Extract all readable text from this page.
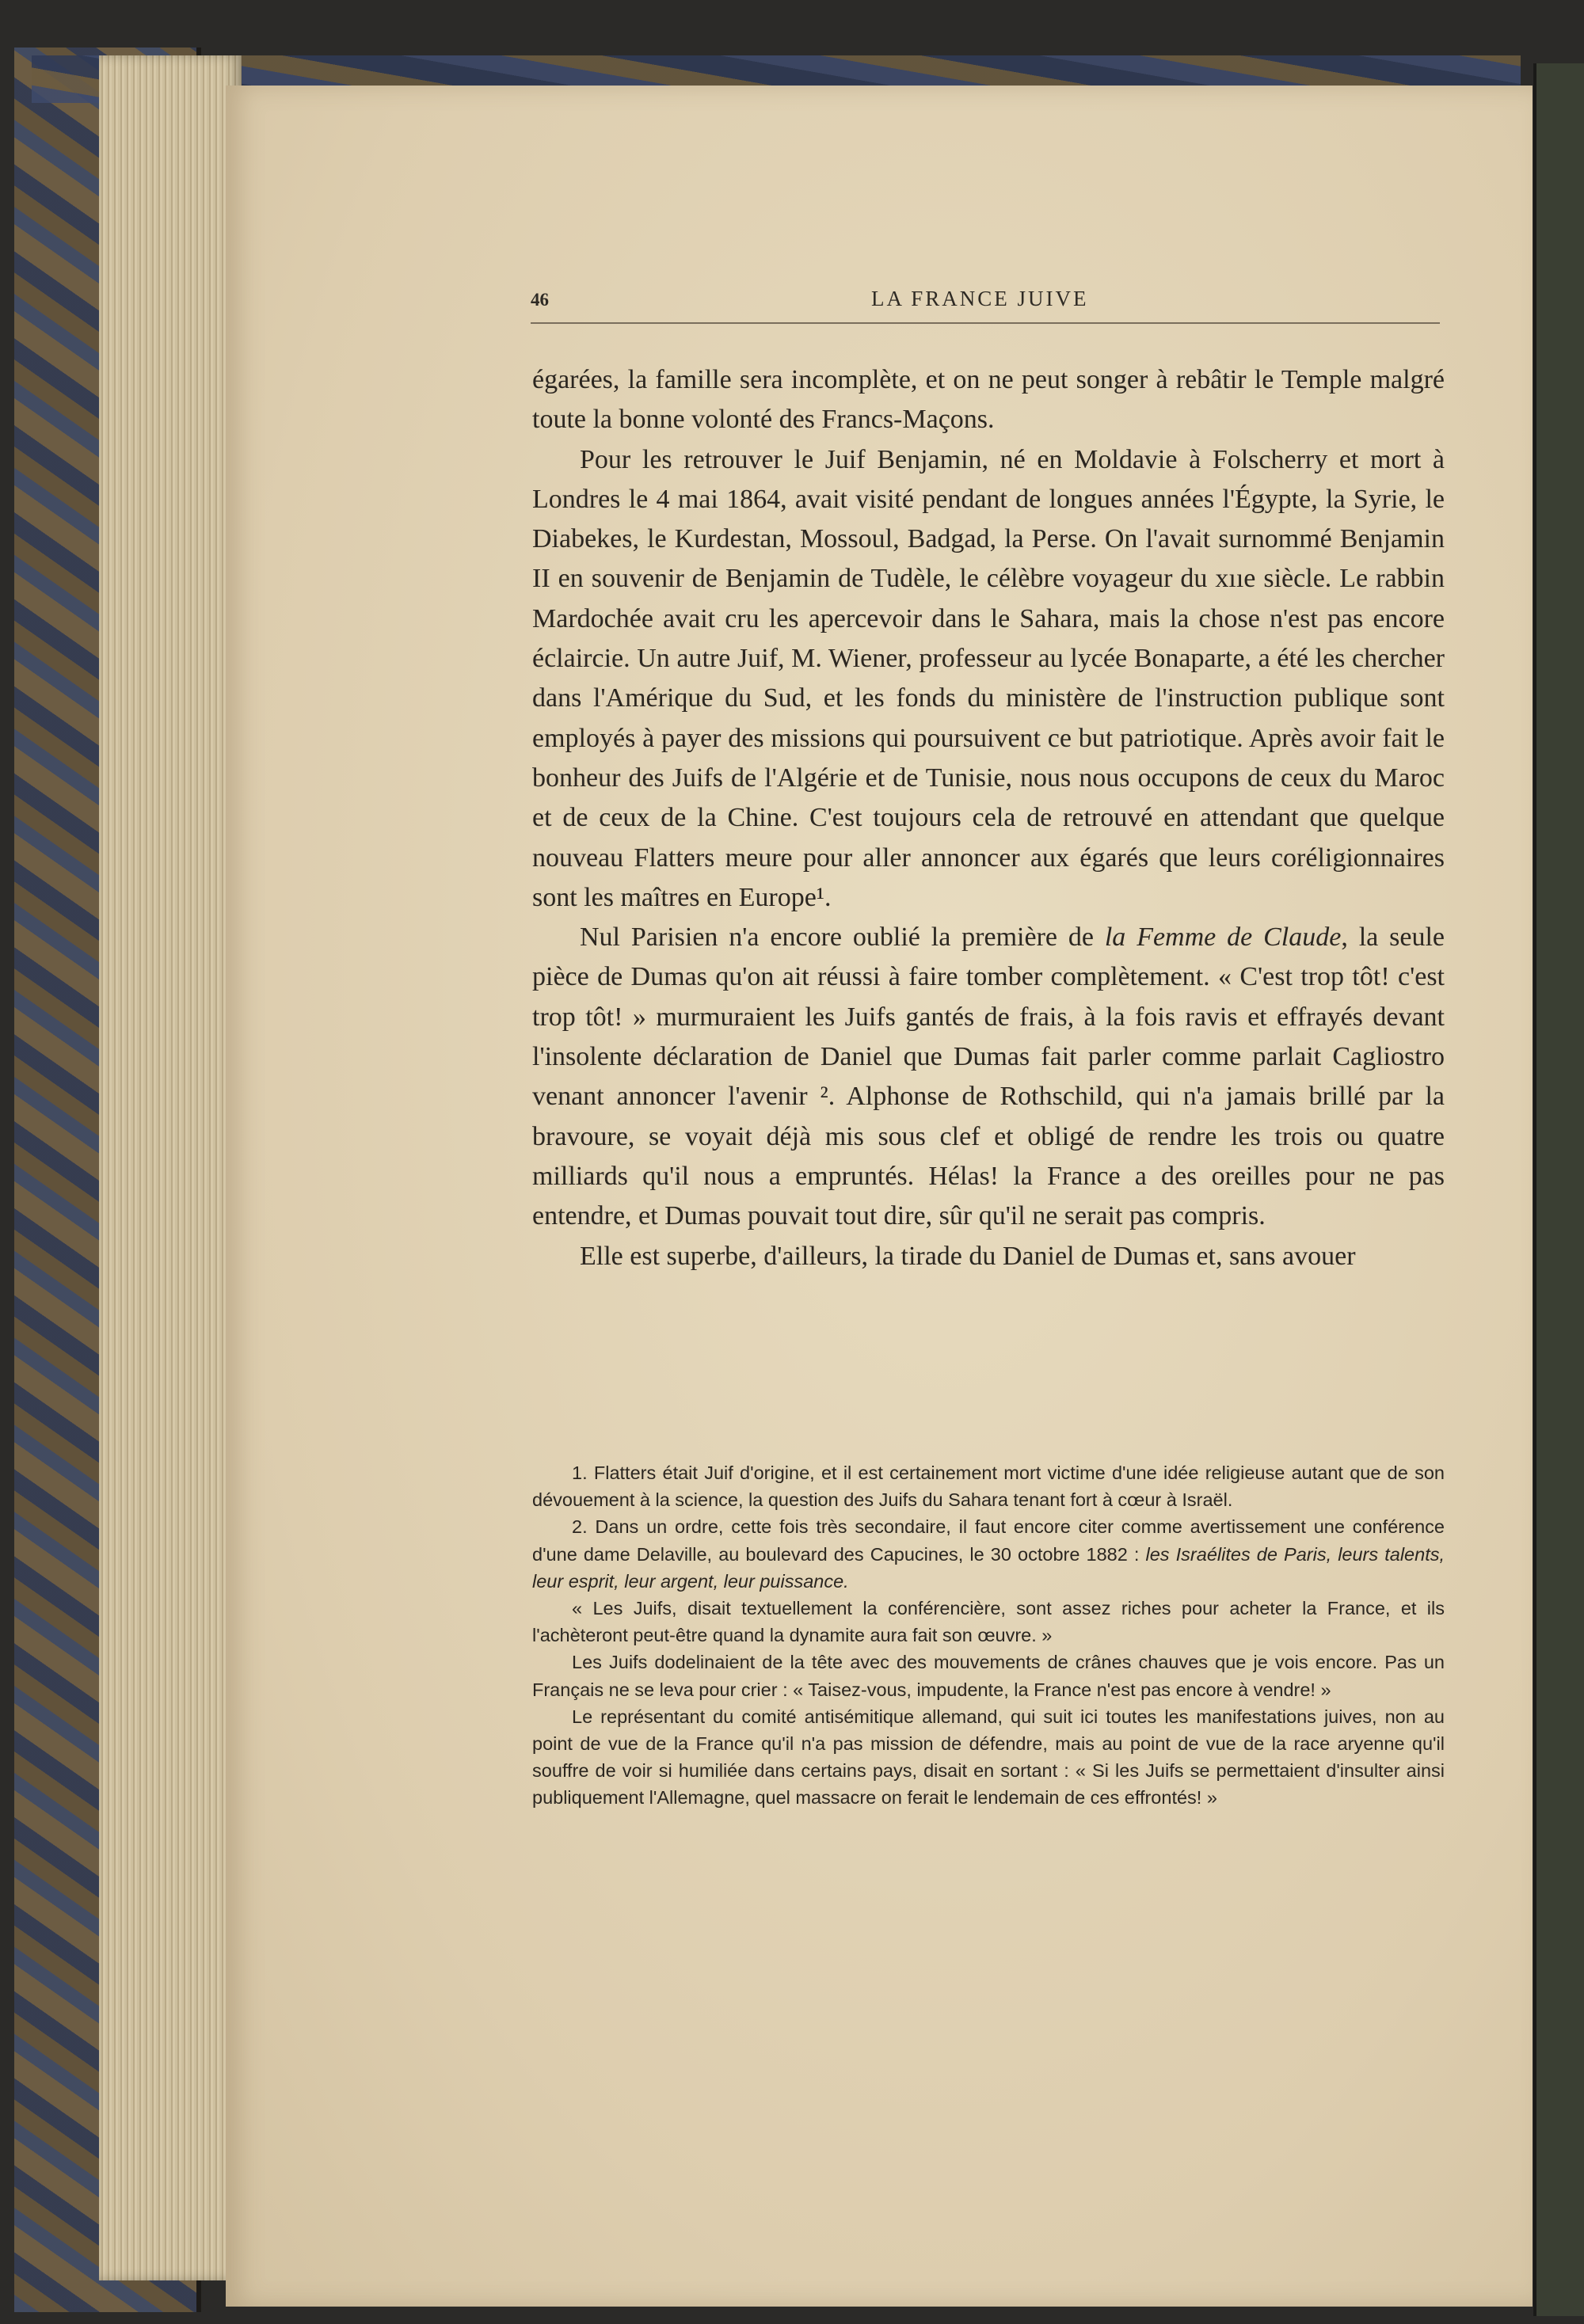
46	LA FRANCE JUIVE

égarées, la famille sera incomplète, et on ne peut songer à rebâtir le Temple malgré toute la bonne volonté des Francs-Maçons.

Pour les retrouver le Juif Benjamin, né en Moldavie à Folscherry et mort à Londres le 4 mai 1864, avait visité pendant de longues années l'Égypte, la Syrie, le Diabekes, le Kurdestan, Mossoul, Badgad, la Perse. On l'avait surnommé Benjamin II en souvenir de Benjamin de Tudèle, le célèbre voyageur du xııe siècle. Le rabbin Mardochée avait cru les apercevoir dans le Sahara, mais la chose n'est pas encore éclaircie. Un autre Juif, M. Wiener, professeur au lycée Bonaparte, a été les chercher dans l'Amérique du Sud, et les fonds du ministère de l'instruction publique sont employés à payer des missions qui poursuivent ce but patriotique. Après avoir fait le bonheur des Juifs de l'Algérie et de Tunisie, nous nous occupons de ceux du Maroc et de ceux de la Chine. C'est toujours cela de retrouvé en attendant que quelque nouveau Flatters meure pour aller annoncer aux égarés que leurs coréligionnaires sont les maîtres en Europe¹.

Nul Parisien n'a encore oublié la première de la Femme de Claude, la seule pièce de Dumas qu'on ait réussi à faire tomber complètement. « C'est trop tôt! c'est trop tôt! » murmuraient les Juifs gantés de frais, à la fois ravis et effrayés devant l'insolente déclaration de Daniel que Dumas fait parler comme parlait Cagliostro venant annoncer l'avenir ². Alphonse de Rothschild, qui n'a jamais brillé par la bravoure, se voyait déjà mis sous clef et obligé de rendre les trois ou quatre milliards qu'il nous a empruntés. Hélas! la France a des oreilles pour ne pas entendre, et Dumas pouvait tout dire, sûr qu'il ne serait pas compris.

Elle est superbe, d'ailleurs, la tirade du Daniel de Dumas et, sans avouer

1. Flatters était Juif d'origine, et il est certainement mort victime d'une idée religieuse autant que de son dévouement à la science, la question des Juifs du Sahara tenant fort à cœur à Israël.

2. Dans un ordre, cette fois très secondaire, il faut encore citer comme avertissement une conférence d'une dame Delaville, au boulevard des Capucines, le 30 octobre 1882 : les Israélites de Paris, leurs talents, leur esprit, leur argent, leur puissance.

« Les Juifs, disait textuellement la conférencière, sont assez riches pour acheter la France, et ils l'achèteront peut-être quand la dynamite aura fait son œuvre. »

Les Juifs dodelinaient de la tête avec des mouvements de crânes chauves que je vois encore. Pas un Français ne se leva pour crier : « Taisez-vous, impudente, la France n'est pas encore à vendre! »

Le représentant du comité antisémitique allemand, qui suit ici toutes les manifestations juives, non au point de vue de la France qu'il n'a pas mission de défendre, mais au point de vue de la race aryenne qu'il souffre de voir si humiliée dans certains pays, disait en sortant : « Si les Juifs se permettaient d'insulter ainsi publiquement l'Allemagne, quel massacre on ferait le lendemain de ces effrontés! »
